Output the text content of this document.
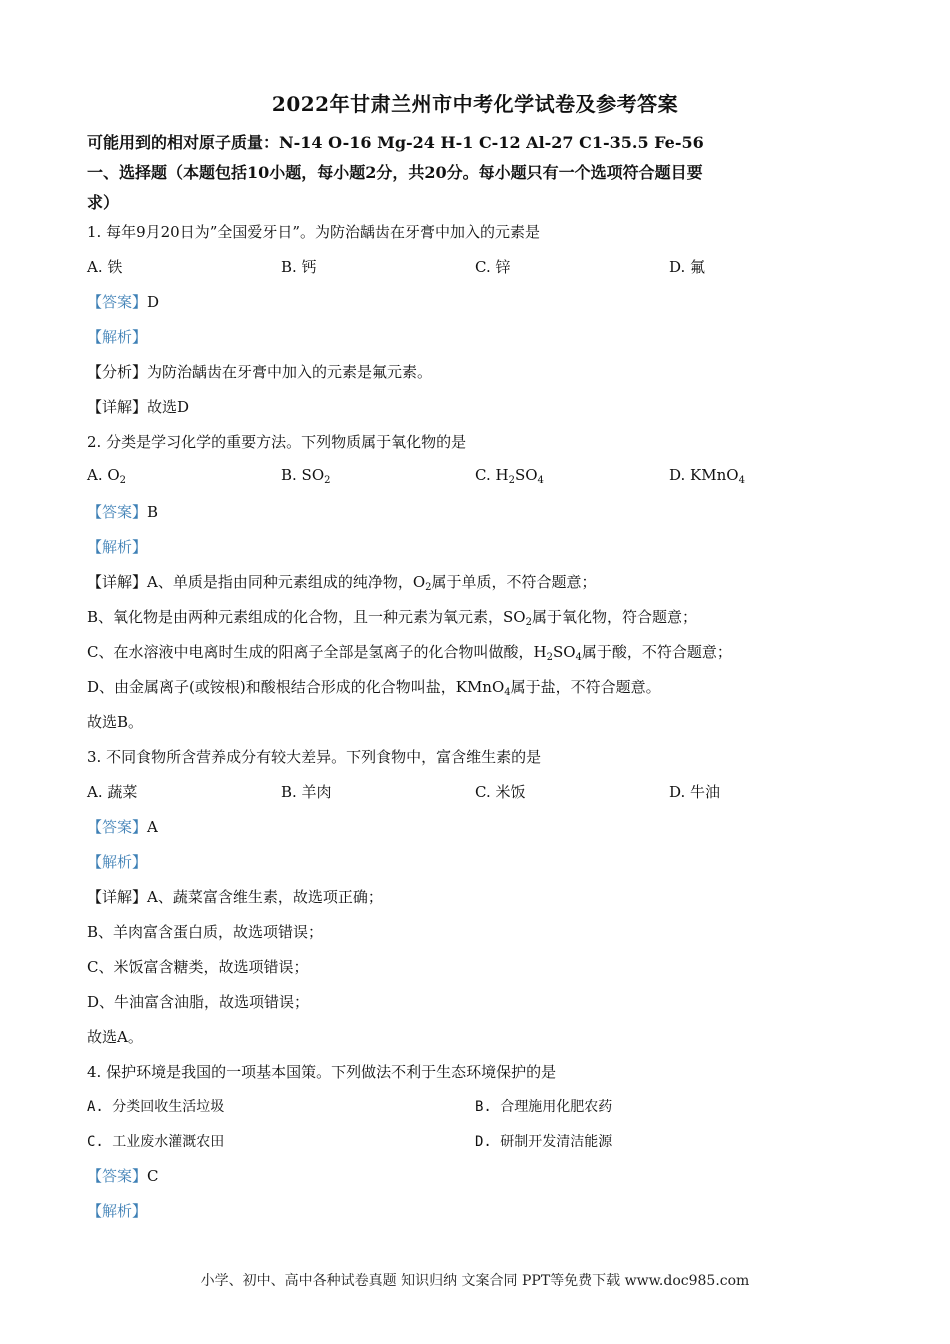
2022年甘肃兰州市中考化学试卷及参考答案
可能用到的相对原子质量：N-14 O-16 Mg-24 H-1 C-12 Al-27 C1-35.5 Fe-56
一、选择题（本题包括10小题，每小题2分，共20分。每小题只有一个选项符合题目要
求）
1. 每年9月20日为”全国爱牙日”。为防治龋齿在牙膏中加入的元素是
A. 铁	B. 钙	C. 锌	D. 氟
【答案】D
【解析】
【分析】为防治龋齿在牙膏中加入的元素是氟元素。
【详解】故选D
2. 分类是学习化学的重要方法。下列物质属于氧化物的是
A. $O_2$	B. $SO_2$	C. $H_2SO_4$	D. KMnO$_4$
【答案】B
【解析】
【详解】A、单质是指由同种元素组成的纯净物，$O_2$属于单质，不符合题意；
B、氧化物是由两种元素组成的化合物，且一种元素为氧元素，$SO_2$属于氧化物，符合题意；
C、在水溶液中电离时生成的阳离子全部是氢离子的化合物叫做酸，$H_2SO_4$属于酸，不符合题意；
D、由金属离子(或铵根)和酸根结合形成的化合物叫盐，KMnO$_4$属于盐，不符合题意。
故选B。
3. 不同食物所含营养成分有较大差异。下列食物中，富含维生素的是
A. 蔬菜	B. 羊肉	C. 米饭	D. 牛油
【答案】A
【解析】
【详解】A、蔬菜富含维生素，故选项正确；
B、羊肉富含蛋白质，故选项错误；
C、米饭富含糖类，故选项错误；
D、牛油富含油脂，故选项错误；
故选A。
4. 保护环境是我国的一项基本国策。下列做法不利于生态环境保护的是
A. 分类回收生活垃圾	B. 合理施用化肥农药
C. 工业废水灌溉农田	D. 研制开发清洁能源
【答案】C
【解析】
小学、初中、高中各种试卷真题 知识归纳 文案合同 PPT等免费下载 www.doc985.com
